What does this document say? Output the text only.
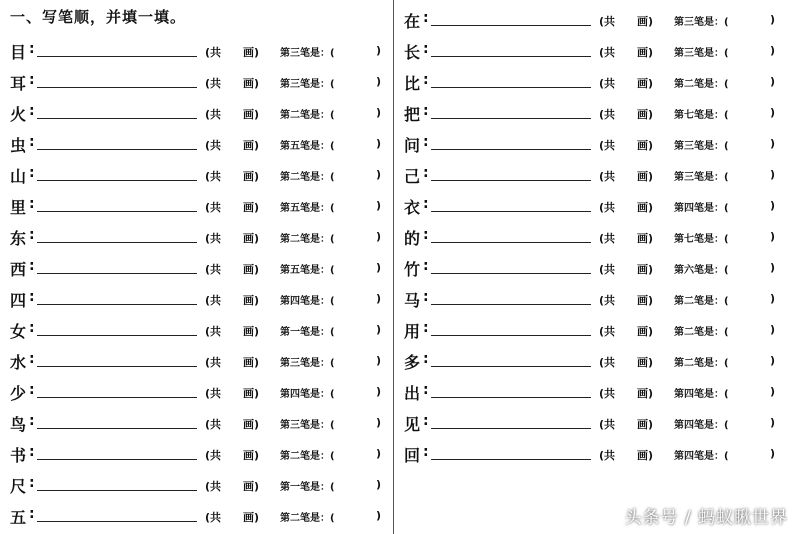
一、写笔顺，并填一填。
目 :	(共 画) 第三笔是：(	)
耳 :	(共 画) 第三笔是：(	)
火 :	(共 画) 第二笔是：(	)
虫 :	(共 画) 第五笔是：(	)
山 :	(共 画) 第二笔是：(	)
里 :	(共 画) 第五笔是：(	)
东 :	(共 画) 第二笔是：(	)
西 :	(共 画) 第五笔是：(	)
四 :	(共 画) 第四笔是：(	)
女 :	(共 画) 第一笔是：(	)
水 :	(共 画) 第三笔是：(	)
少 :	(共 画) 第四笔是：(	)
鸟 :	(共 画) 第三笔是：(	)
书 :	(共 画) 第二笔是：(	)
尺 :	(共 画) 第一笔是：(	)
五 :	(共 画) 第二笔是：(	)
在 :	(共 画) 第三笔是：(	)
长 :	(共 画) 第三笔是：(	)
比 :	(共 画) 第二笔是：(	)
把 :	(共 画) 第七笔是：(	)
问 :	(共 画) 第三笔是：(	)
己 :	(共 画) 第三笔是：(	)
衣 :	(共 画) 第四笔是：(	)
的 :	(共 画) 第七笔是：(	)
竹 :	(共 画) 第六笔是：(	)
马 :	(共 画) 第二笔是：(	)
用 :	(共 画) 第二笔是：(	)
多 :	(共 画) 第二笔是：(	)
出 :	(共 画) 第四笔是：(	)
见 :	(共 画) 第四笔是：(	)
回 :	(共 画) 第四笔是：(	)
头条号 / 蚂蚁瞅世界
